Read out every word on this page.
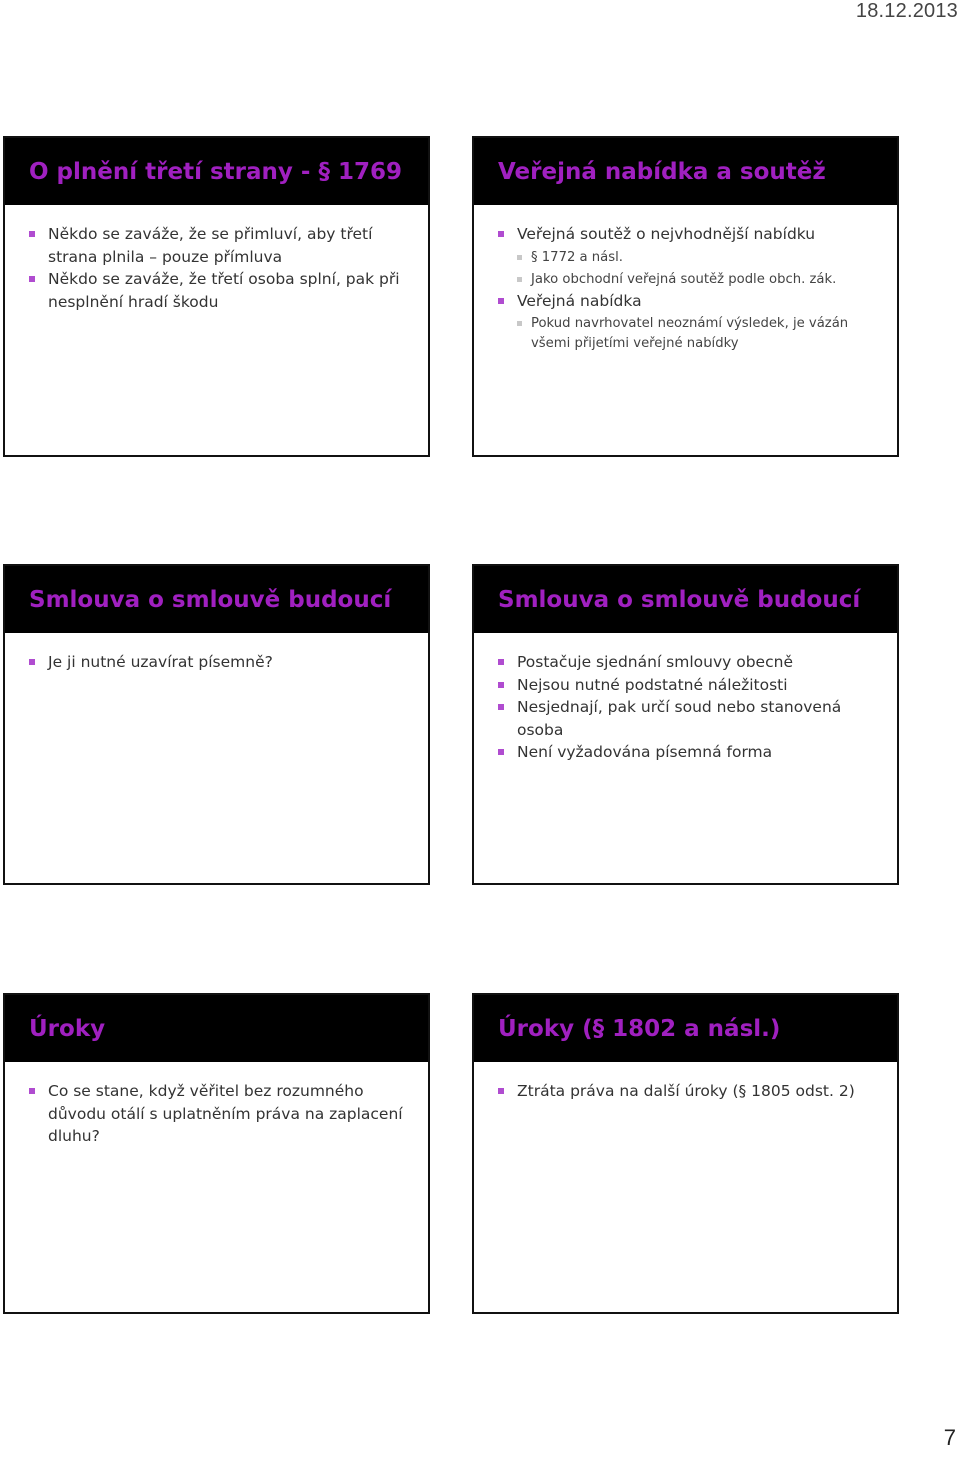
18.12.2013
O plnění třetí strany - § 1769
Někdo se zaváže, že se přimluví, aby třetí strana plnila – pouze přímluva
Někdo se zaváže, že třetí osoba splní, pak při nesplnění hradí škodu
Veřejná nabídka a soutěž
Veřejná soutěž o nejvhodnější nabídku
§ 1772 a násl.
Jako obchodní veřejná soutěž podle obch. zák.
Veřejná nabídka
Pokud navrhovatel neoznámí výsledek, je vázán všemi přijetími veřejné nabídky
Smlouva o smlouvě budoucí
Je ji nutné uzavírat písemně?
Smlouva o smlouvě budoucí
Postačuje sjednání smlouvy obecně
Nejsou nutné podstatné náležitosti
Nesjednají, pak určí soud nebo stanovená osoba
Není vyžadována písemná forma
Úroky
Co se stane, když věřitel bez rozumného důvodu otálí s uplatněním práva na zaplacení dluhu?
Úroky (§ 1802 a násl.)
Ztráta práva na další úroky (§ 1805 odst. 2)
7
